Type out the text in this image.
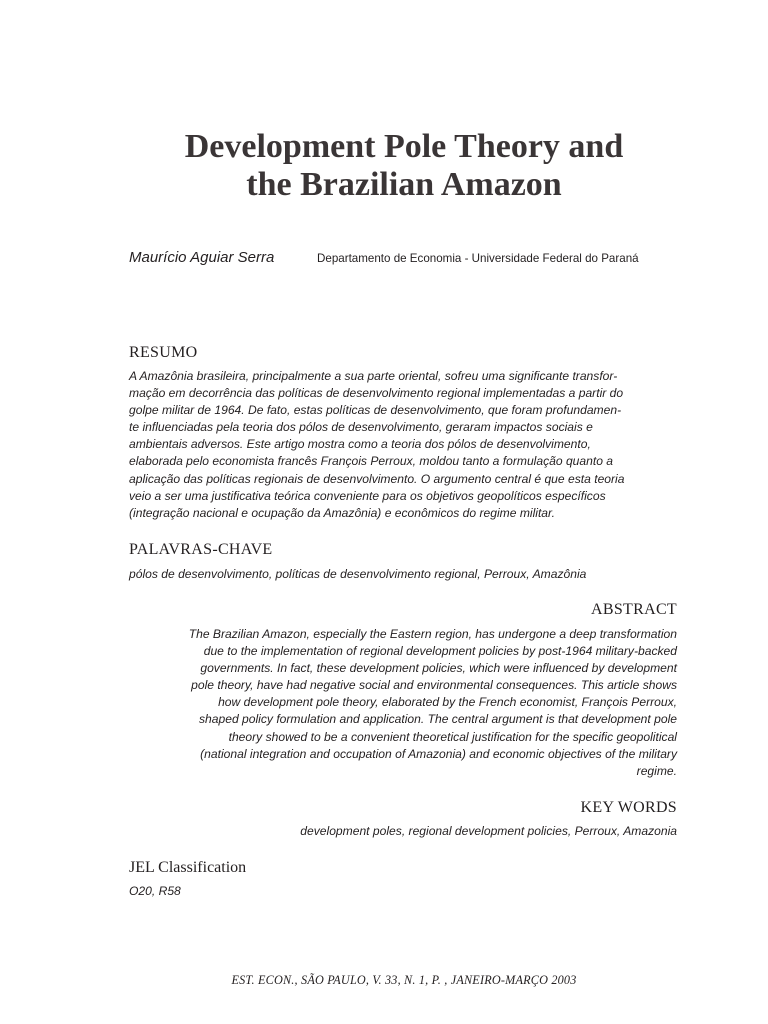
Development Pole Theory and
the Brazilian Amazon
Maurício Aguiar Serra	Departamento de Economia - Universidade Federal do Paraná
RESUMO
A Amazônia brasileira, principalmente a sua parte oriental, sofreu uma significante transfor-
mação em decorrência das políticas de desenvolvimento regional implementadas a partir do
golpe militar de 1964. De fato, estas políticas de desenvolvimento, que foram profundamen-
te influenciadas pela teoria dos pólos de desenvolvimento, geraram impactos sociais e
ambientais adversos. Este artigo mostra como a teoria dos pólos de desenvolvimento,
elaborada pelo economista francês François Perroux, moldou tanto a formulação quanto a
aplicação das políticas regionais de desenvolvimento. O argumento central é que esta teoria
veio a ser uma justificativa teórica conveniente para os objetivos geopolíticos específicos
(integração nacional e ocupação da Amazônia) e econômicos do regime militar.
PALAVRAS-CHAVE
pólos de desenvolvimento, políticas de desenvolvimento regional, Perroux, Amazônia
ABSTRACT
The Brazilian Amazon, especially the Eastern region, has undergone a deep transformation
due to the implementation of regional development policies by post-1964 military-backed
governments. In fact, these development policies, which were influenced by development
pole theory, have had negative social and environmental consequences. This article shows
how development pole theory, elaborated by the French economist, François Perroux,
shaped policy formulation and application. The central argument is that development pole
theory showed to be a convenient theoretical justification for the specific geopolitical
(national integration and occupation of Amazonia) and economic objectives of the military
regime.
KEY WORDS
development poles, regional development policies, Perroux, Amazonia
JEL Classification
O20, R58
EST. ECON., SÃO PAULO, V. 33, N. 1, P. , JANEIRO-MARÇO 2003
